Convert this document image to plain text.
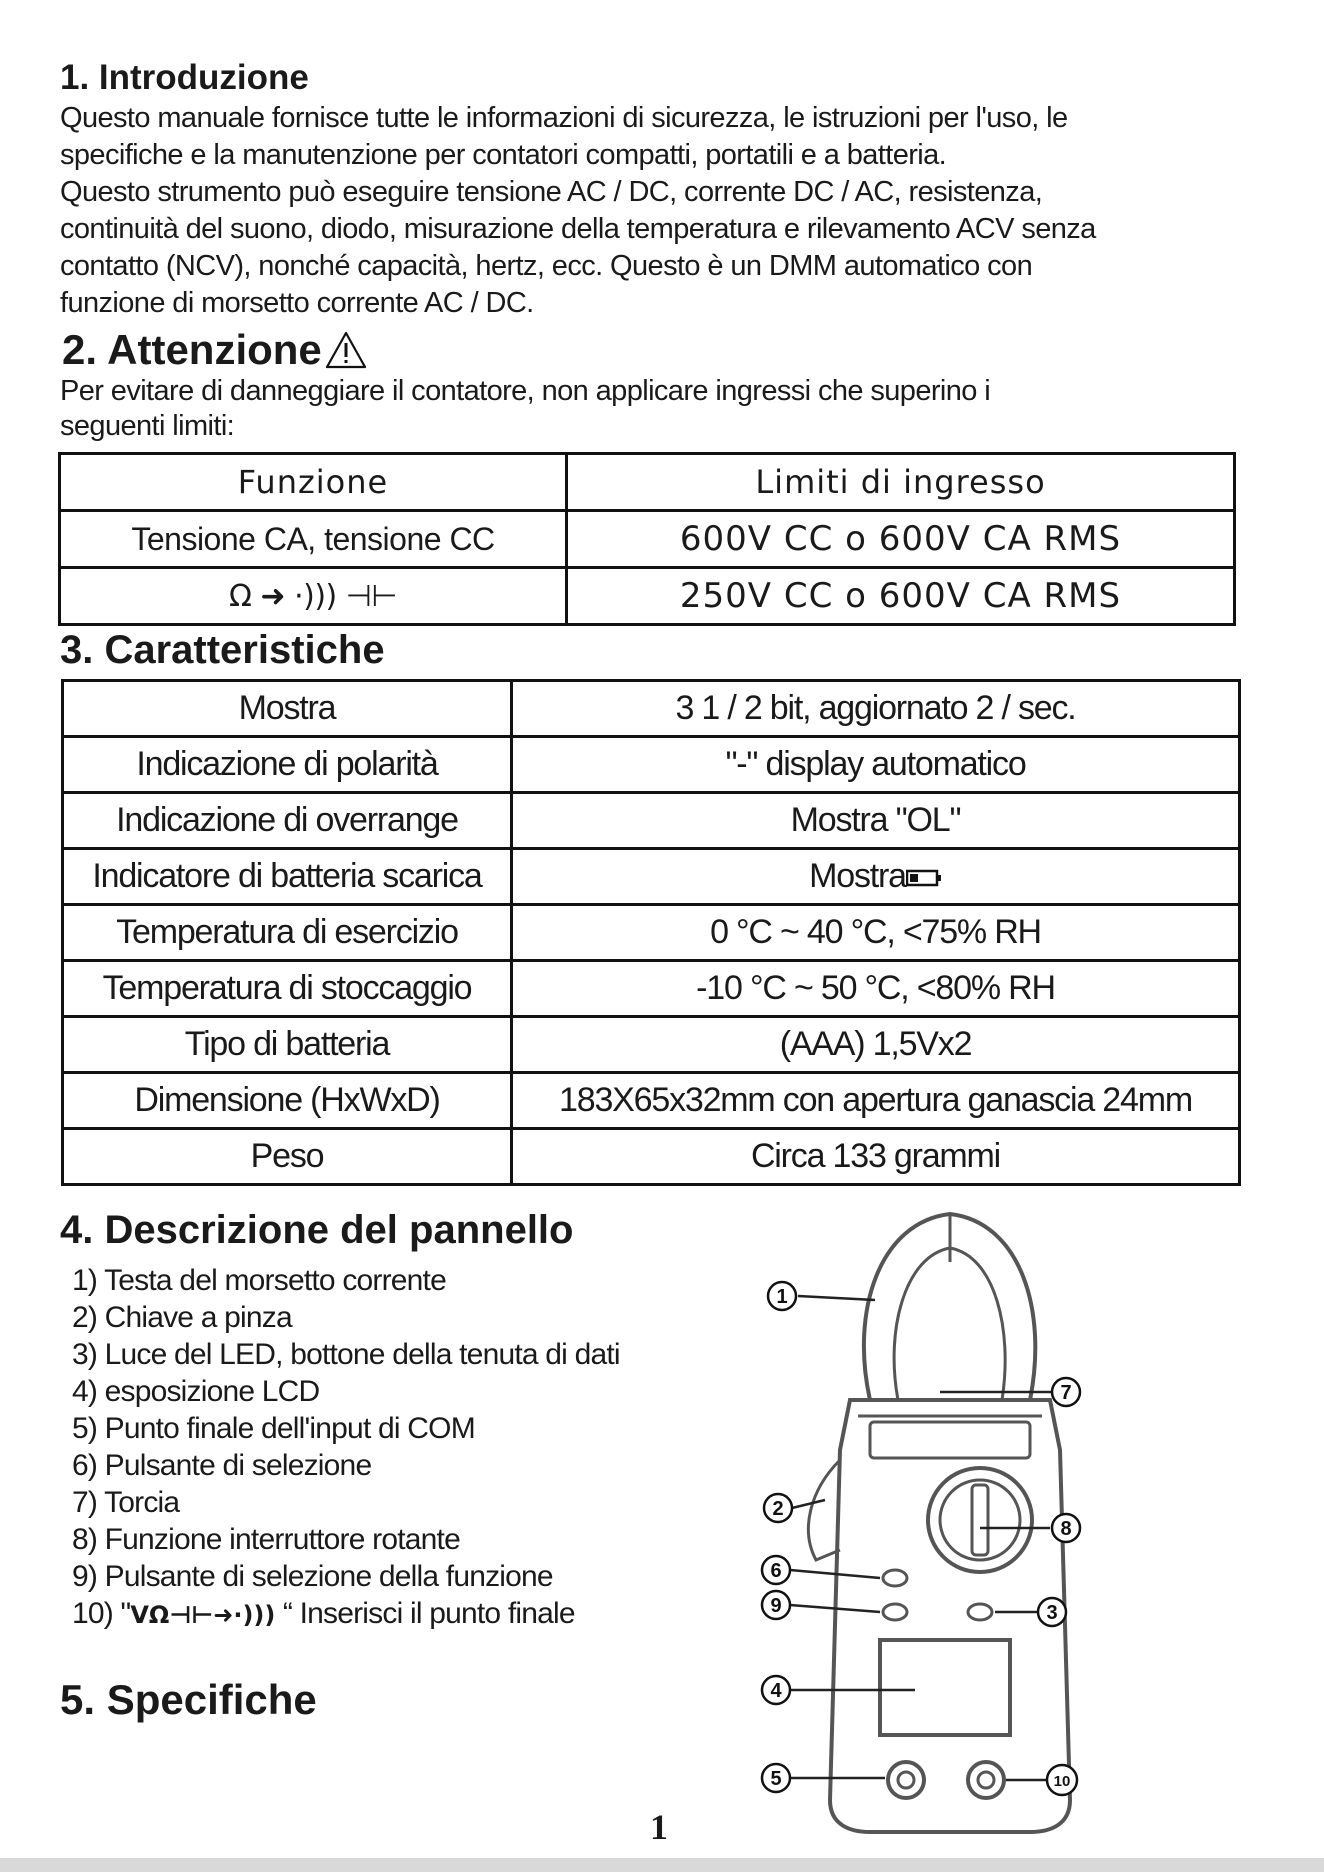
1. Introduzione
Questo manuale fornisce tutte le informazioni di sicurezza, le istruzioni per l'uso, le
specifiche e la manutenzione per contatori compatti, portatili e a batteria.
Questo strumento può eseguire tensione AC / DC, corrente DC / AC, resistenza,
continuità del suono, diodo, misurazione della temperatura e rilevamento ACV senza
contatto (NCV), nonché capacità, hertz, ecc. Questo è un DMM automatico con
funzione di morsetto corrente AC / DC.
2. Attenzione
Per evitare di danneggiare il contatore, non applicare ingressi che superino i
seguenti limiti:
Funzione	Limiti di ingresso
Tensione CA, tensione CC	600V CC o 600V CA RMS
Ω ➜ ·))) ⊣⊢	250V CC o 600V CA RMS
3. Caratteristiche
Mostra	3 1 / 2 bit, aggiornato 2 / sec.
Indicazione di polarità	"-" display automatico
Indicazione di overrange	Mostra "OL"
Indicatore di batteria scarica	Mostra
Temperatura di esercizio	0 °C ~ 40 °C, <75% RH
Temperatura di stoccaggio	-10 °C ~ 50 °C, <80% RH
Tipo di batteria	(AAA) 1,5Vx2
Dimensione (HxWxD)	183X65x32mm con apertura ganascia 24mm
Peso	Circa 133 grammi
4. Descrizione del pannello
1) Testa del morsetto corrente
2) Chiave a pinza
3) Luce del LED, bottone della tenuta di dati
4) esposizione LCD
5) Punto finale dell'input di COM
6) Pulsante di selezione
7) Torcia
8) Funzione interruttore rotante
9) Pulsante di selezione della funzione
10) "VΩ⊣⊢➜·))) “ Inserisci il punto finale
5. Specifiche
1
2
3
4
5
6
7
8
9
10
1
